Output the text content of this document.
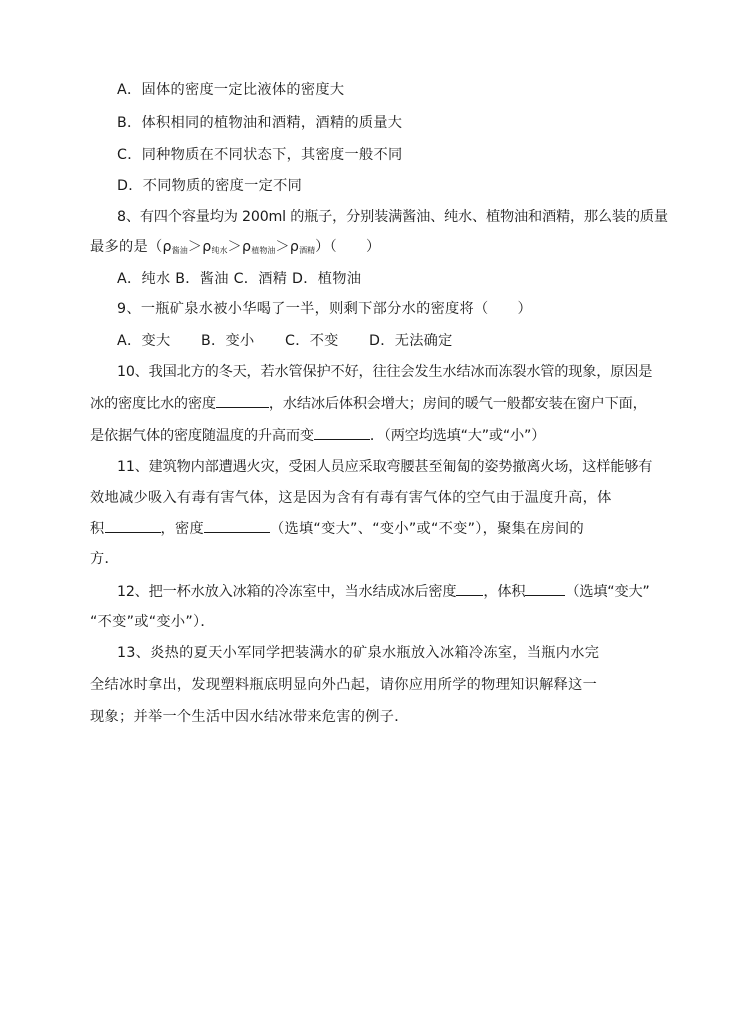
A．固体的密度一定比液体的密度大
B．体积相同的植物油和酒精，酒精的质量大
C．同种物质在不同状态下，其密度一般不同
D．不同物质的密度一定不同
8、有四个容量均为 200ml 的瓶子，分别装满酱油、纯水、植物油和酒精，那么装的质量
最多的是$(\rho_{酱油}>\rho_{纯水}>\rho_{植物油}>\rho_{酒精})$（　　）
A．纯水 B．酱油 C．酒精 D．植物油
9、一瓶矿泉水被小华喝了一半，则剩下部分水的密度将（　　）
A．变大 B．变小 C．不变 D．无法确定
10、我国北方的冬天，若水管保护不好，往往会发生水结冰而冻裂水管的现象，原因是
冰的密度比水的密度	，水结冰后体积会增大；房间的暖气一般都安装在窗户下面，
是依据气体的密度随温度的升高而变	．（两空均选填“大”或“小”）
11、建筑物内部遭遇火灾，受困人员应采取弯腰甚至匍匐的姿势撤离火场，这样能够有
效地减少吸入有毒有害气体，这是因为含有有毒有害气体的空气由于温度升高，体
积	，密度	（选填“变大”、“变小”或“不变”），聚集在房间的
方．
12、把一杯水放入冰箱的冷冻室中，当水结成冰后密度 ，体积	（选填“变大”
“不变”或“变小”）．
13、炎热的夏天小军同学把装满水的矿泉水瓶放入冰箱冷冻室，当瓶内水完
全结冰时拿出，发现塑料瓶底明显向外凸起，请你应用所学的物理知识解释这一
现象；并举一个生活中因水结冰带来危害的例子．
